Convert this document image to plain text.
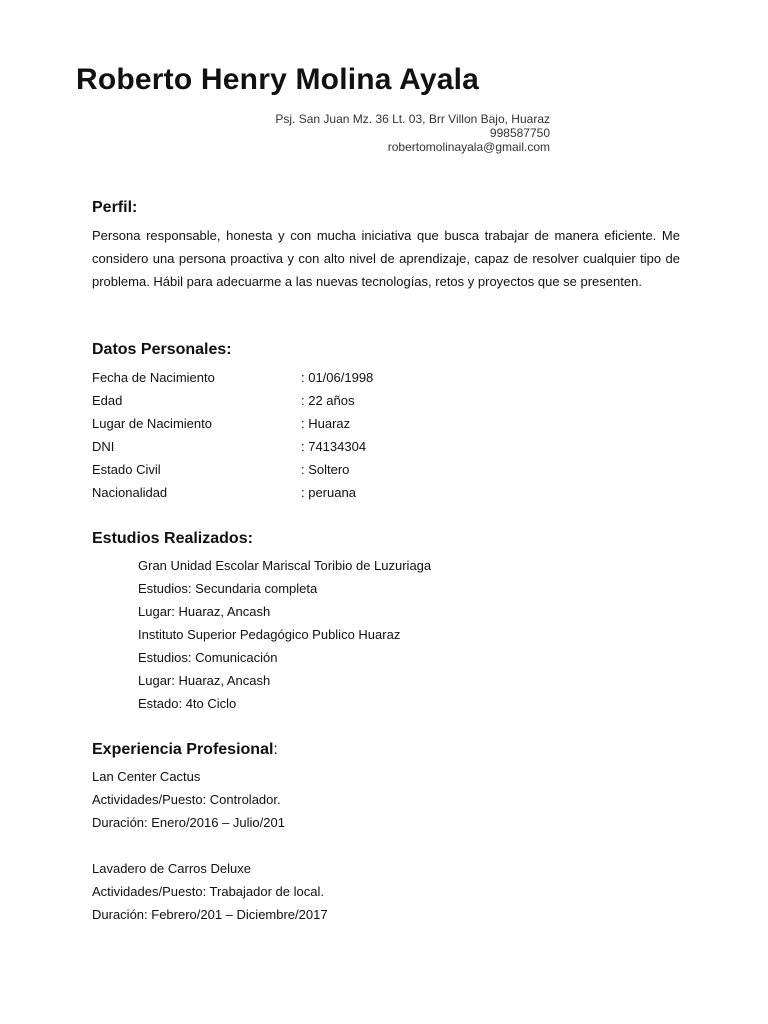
Roberto Henry Molina Ayala
Psj. San Juan Mz. 36 Lt. 03, Brr Villon Bajo, Huaraz
998587750
robertomolinayala@gmail.com
Perfil:

Persona responsable, honesta y con mucha iniciativa que busca trabajar de manera eficiente. Me considero una persona proactiva y con alto nivel de aprendizaje, capaz de resolver cualquier tipo de problema. Hábil para adecuarme a las nuevas tecnologías, retos y proyectos que se presenten.

Datos Personales:
Fecha de Nacimiento	: 01/06/1998
Edad	: 22 años
Lugar de Nacimiento	: Huaraz
DNI	: 74134304
Estado Civil	: Soltero
Nacionalidad	: peruana
Estudios Realizados:
Gran Unidad Escolar Mariscal Toribio de Luzuriaga
Estudios: Secundaria completa
Lugar: Huaraz, Ancash
Instituto Superior Pedagógico Publico Huaraz
Estudios: Comunicación
Lugar: Huaraz, Ancash
Estado: 4to Ciclo
Experiencia Profesional:
Lan Center Cactus
Actividades/Puesto: Controlador.
Duración: Enero/2016 – Julio/201
Lavadero de Carros Deluxe
Actividades/Puesto: Trabajador de local.
Duración: Febrero/201 – Diciembre/2017
